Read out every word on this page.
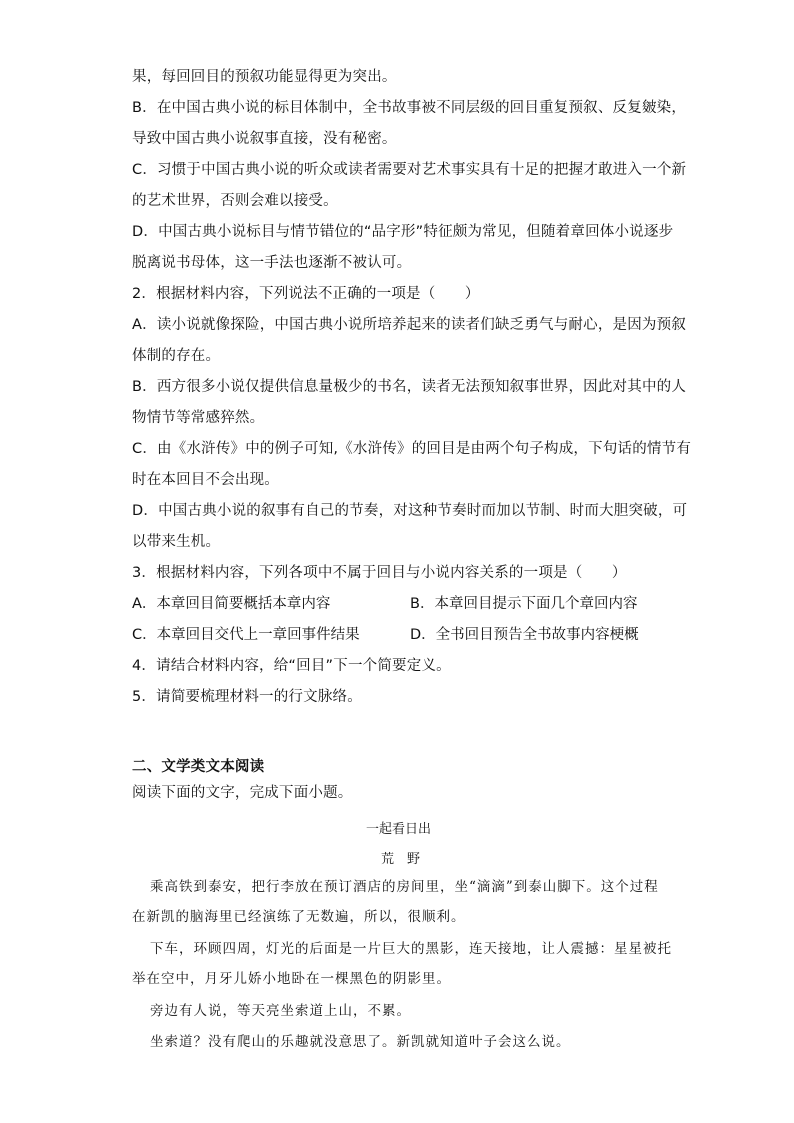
果，每回回目的预叙功能显得更为突出。
B．在中国古典小说的标目体制中，全书故事被不同层级的回目重复预叙、反复皴染，
导致中国古典小说叙事直接，没有秘密。
C．习惯于中国古典小说的听众或读者需要对艺术事实具有十足的把握才敢进入一个新
的艺术世界，否则会难以接受。
D．中国古典小说标目与情节错位的“品字形”特征颇为常见，但随着章回体小说逐步
脱离说书母体，这一手法也逐渐不被认可。
2．根据材料内容，下列说法不正确的一项是（　　）
A．读小说就像探险，中国古典小说所培养起来的读者们缺乏勇气与耐心，是因为预叙
体制的存在。
B．西方很多小说仅提供信息量极少的书名，读者无法预知叙事世界，因此对其中的人
物情节等常感猝然。
C．由《水浒传》中的例子可知,《水浒传》的回目是由两个句子构成，下句话的情节有
时在本回目不会出现。
D．中国古典小说的叙事有自己的节奏，对这种节奏时而加以节制、时而大胆突破，可
以带来生机。
3．根据材料内容，下列各项中不属于回目与小说内容关系的一项是（　　）
A．本章回目简要概括本章内容	B．本章回目提示下面几个章回内容
C．本章回目交代上一章回事件结果	D．全书回目预告全书故事内容梗概
4．请结合材料内容，给“回目”下一个简要定义。
5．请简要梳理材料一的行文脉络。
二、文学类文本阅读
阅读下面的文字，完成下面小题。
一起看日出
荒　野
乘高铁到泰安，把行李放在预订酒店的房间里，坐“滴滴”到泰山脚下。这个过程
在新凯的脑海里已经演练了无数遍，所以，很顺利。
下车，环顾四周，灯光的后面是一片巨大的黑影，连天接地，让人震撼：星星被托
举在空中，月牙儿娇小地卧在一棵黑色的阴影里。
旁边有人说，等天亮坐索道上山，不累。
坐索道？没有爬山的乐趣就没意思了。新凯就知道叶子会这么说。
